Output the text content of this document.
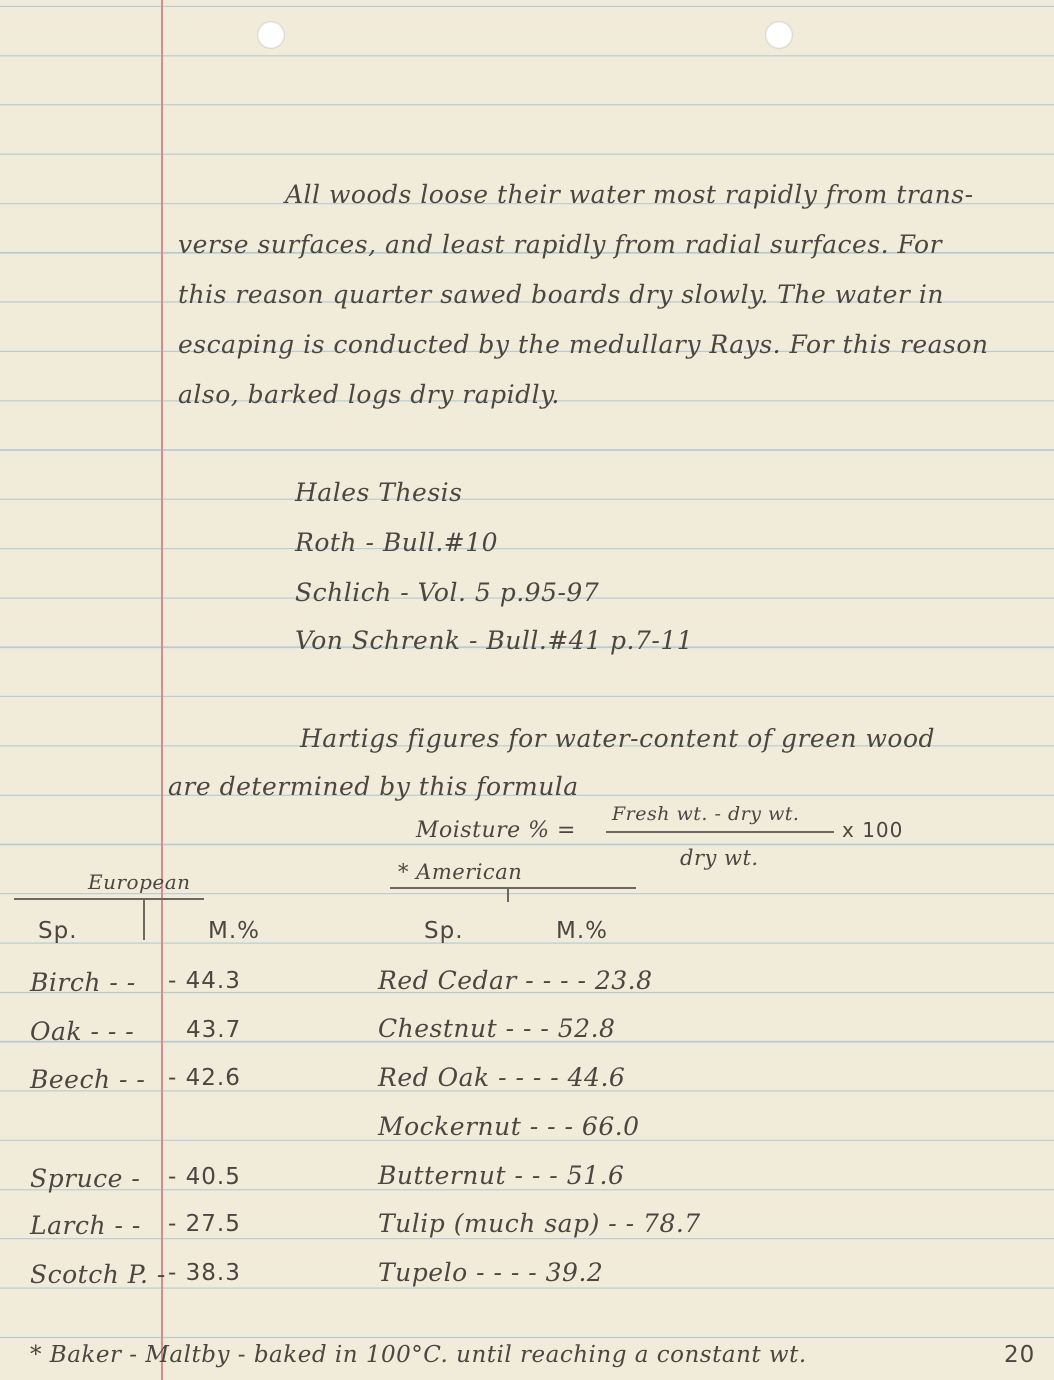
All woods loose their water most rapidly from trans-
verse surfaces, and least rapidly from radial surfaces. For
this reason quarter sawed boards dry slowly. The water in
escaping is conducted by the medullary Rays. For this reason
also, barked logs dry rapidly.
Hales Thesis
Roth - Bull.#10
Schlich - Vol. 5 p.95-97
Von Schrenk - Bull.#41 p.7-11
Hartigs figures for water-content of green wood
are determined by this formula
Moisture % =
Fresh wt. - dry wt.
x 100
dry wt.
European
Sp.	M.%
Birch - - - 44.3
Oak - - - 43.7
Beech - - - 42.6
Spruce - - 40.5
Larch - - - 27.5
Scotch P. - - 38.3
* American
Sp.	M.%
Red Cedar - - - - 23.8
Chestnut - - - 52.8
Red Oak - - - - 44.6
Mockernut - - - 66.0
Butternut - - - 51.6
Tulip (much sap) - - 78.7
Tupelo - - - - 39.2
* Baker - Maltby - baked in 100°C. until reaching a constant wt.	20
